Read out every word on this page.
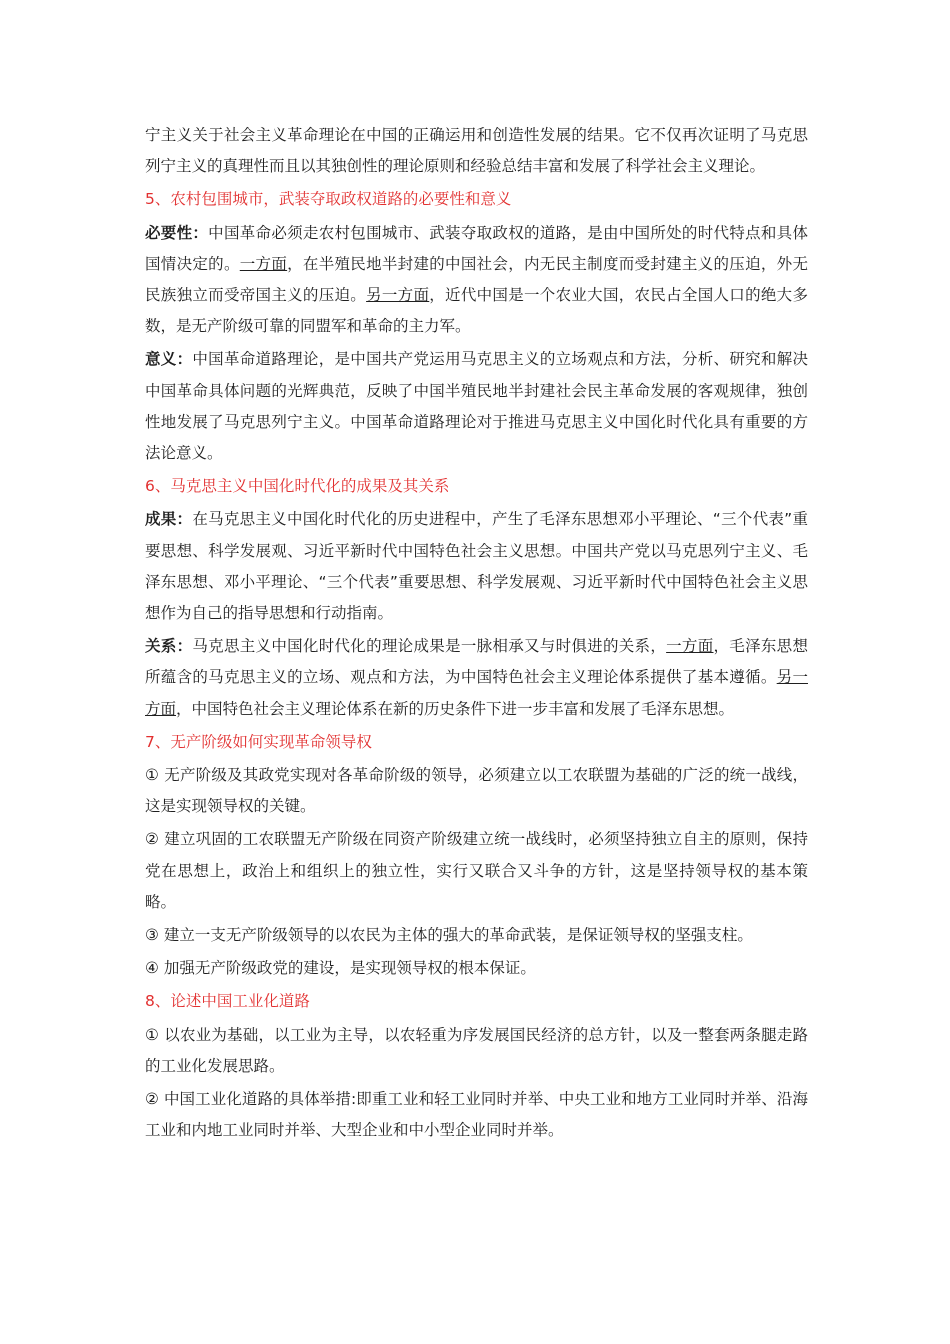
宁主义关于社会主义革命理论在中国的正确运用和创造性发展的结果。它不仅再次证明了马克思列宁主义的真理性而且以其独创性的理论原则和经验总结丰富和发展了科学社会主义理论。

5、农村包围城市，武装夺取政权道路的必要性和意义

必要性：中国革命必须走农村包围城市、武装夺取政权的道路，是由中国所处的时代特点和具体国情决定的。一方面，在半殖民地半封建的中国社会，内无民主制度而受封建主义的压迫，外无民族独立而受帝国主义的压迫。另一方面，近代中国是一个农业大国，农民占全国人口的绝大多数，是无产阶级可靠的同盟军和革命的主力军。

意义：中国革命道路理论，是中国共产党运用马克思主义的立场观点和方法，分析、研究和解决中国革命具体问题的光辉典范，反映了中国半殖民地半封建社会民主革命发展的客观规律，独创性地发展了马克思列宁主义。中国革命道路理论对于推进马克思主义中国化时代化具有重要的方法论意义。

6、马克思主义中国化时代化的成果及其关系

成果：在马克思主义中国化时代化的历史进程中，产生了毛泽东思想邓小平理论、“三个代表”重要思想、科学发展观、习近平新时代中国特色社会主义思想。中国共产党以马克思列宁主义、毛泽东思想、邓小平理论、“三个代表”重要思想、科学发展观、习近平新时代中国特色社会主义思想作为自己的指导思想和行动指南。

关系：马克思主义中国化时代化的理论成果是一脉相承又与时俱进的关系，一方面，毛泽东思想所蕴含的马克思主义的立场、观点和方法，为中国特色社会主义理论体系提供了基本遵循。另一方面，中国特色社会主义理论体系在新的历史条件下进一步丰富和发展了毛泽东思想。

7、无产阶级如何实现革命领导权

① 无产阶级及其政党实现对各革命阶级的领导，必须建立以工农联盟为基础的广泛的统一战线，这是实现领导权的关键。

② 建立巩固的工农联盟无产阶级在同资产阶级建立统一战线时，必须坚持独立自主的原则，保持党在思想上，政治上和组织上的独立性，实行又联合又斗争的方针，这是坚持领导权的基本策略。

③ 建立一支无产阶级领导的以农民为主体的强大的革命武装，是保证领导权的坚强支柱。

④ 加强无产阶级政党的建设，是实现领导权的根本保证。

8、论述中国工业化道路

① 以农业为基础，以工业为主导，以农轻重为序发展国民经济的总方针，以及一整套两条腿走路的工业化发展思路。

② 中国工业化道路的具体举措:即重工业和轻工业同时并举、中央工业和地方工业同时并举、沿海工业和内地工业同时并举、大型企业和中小型企业同时并举。
